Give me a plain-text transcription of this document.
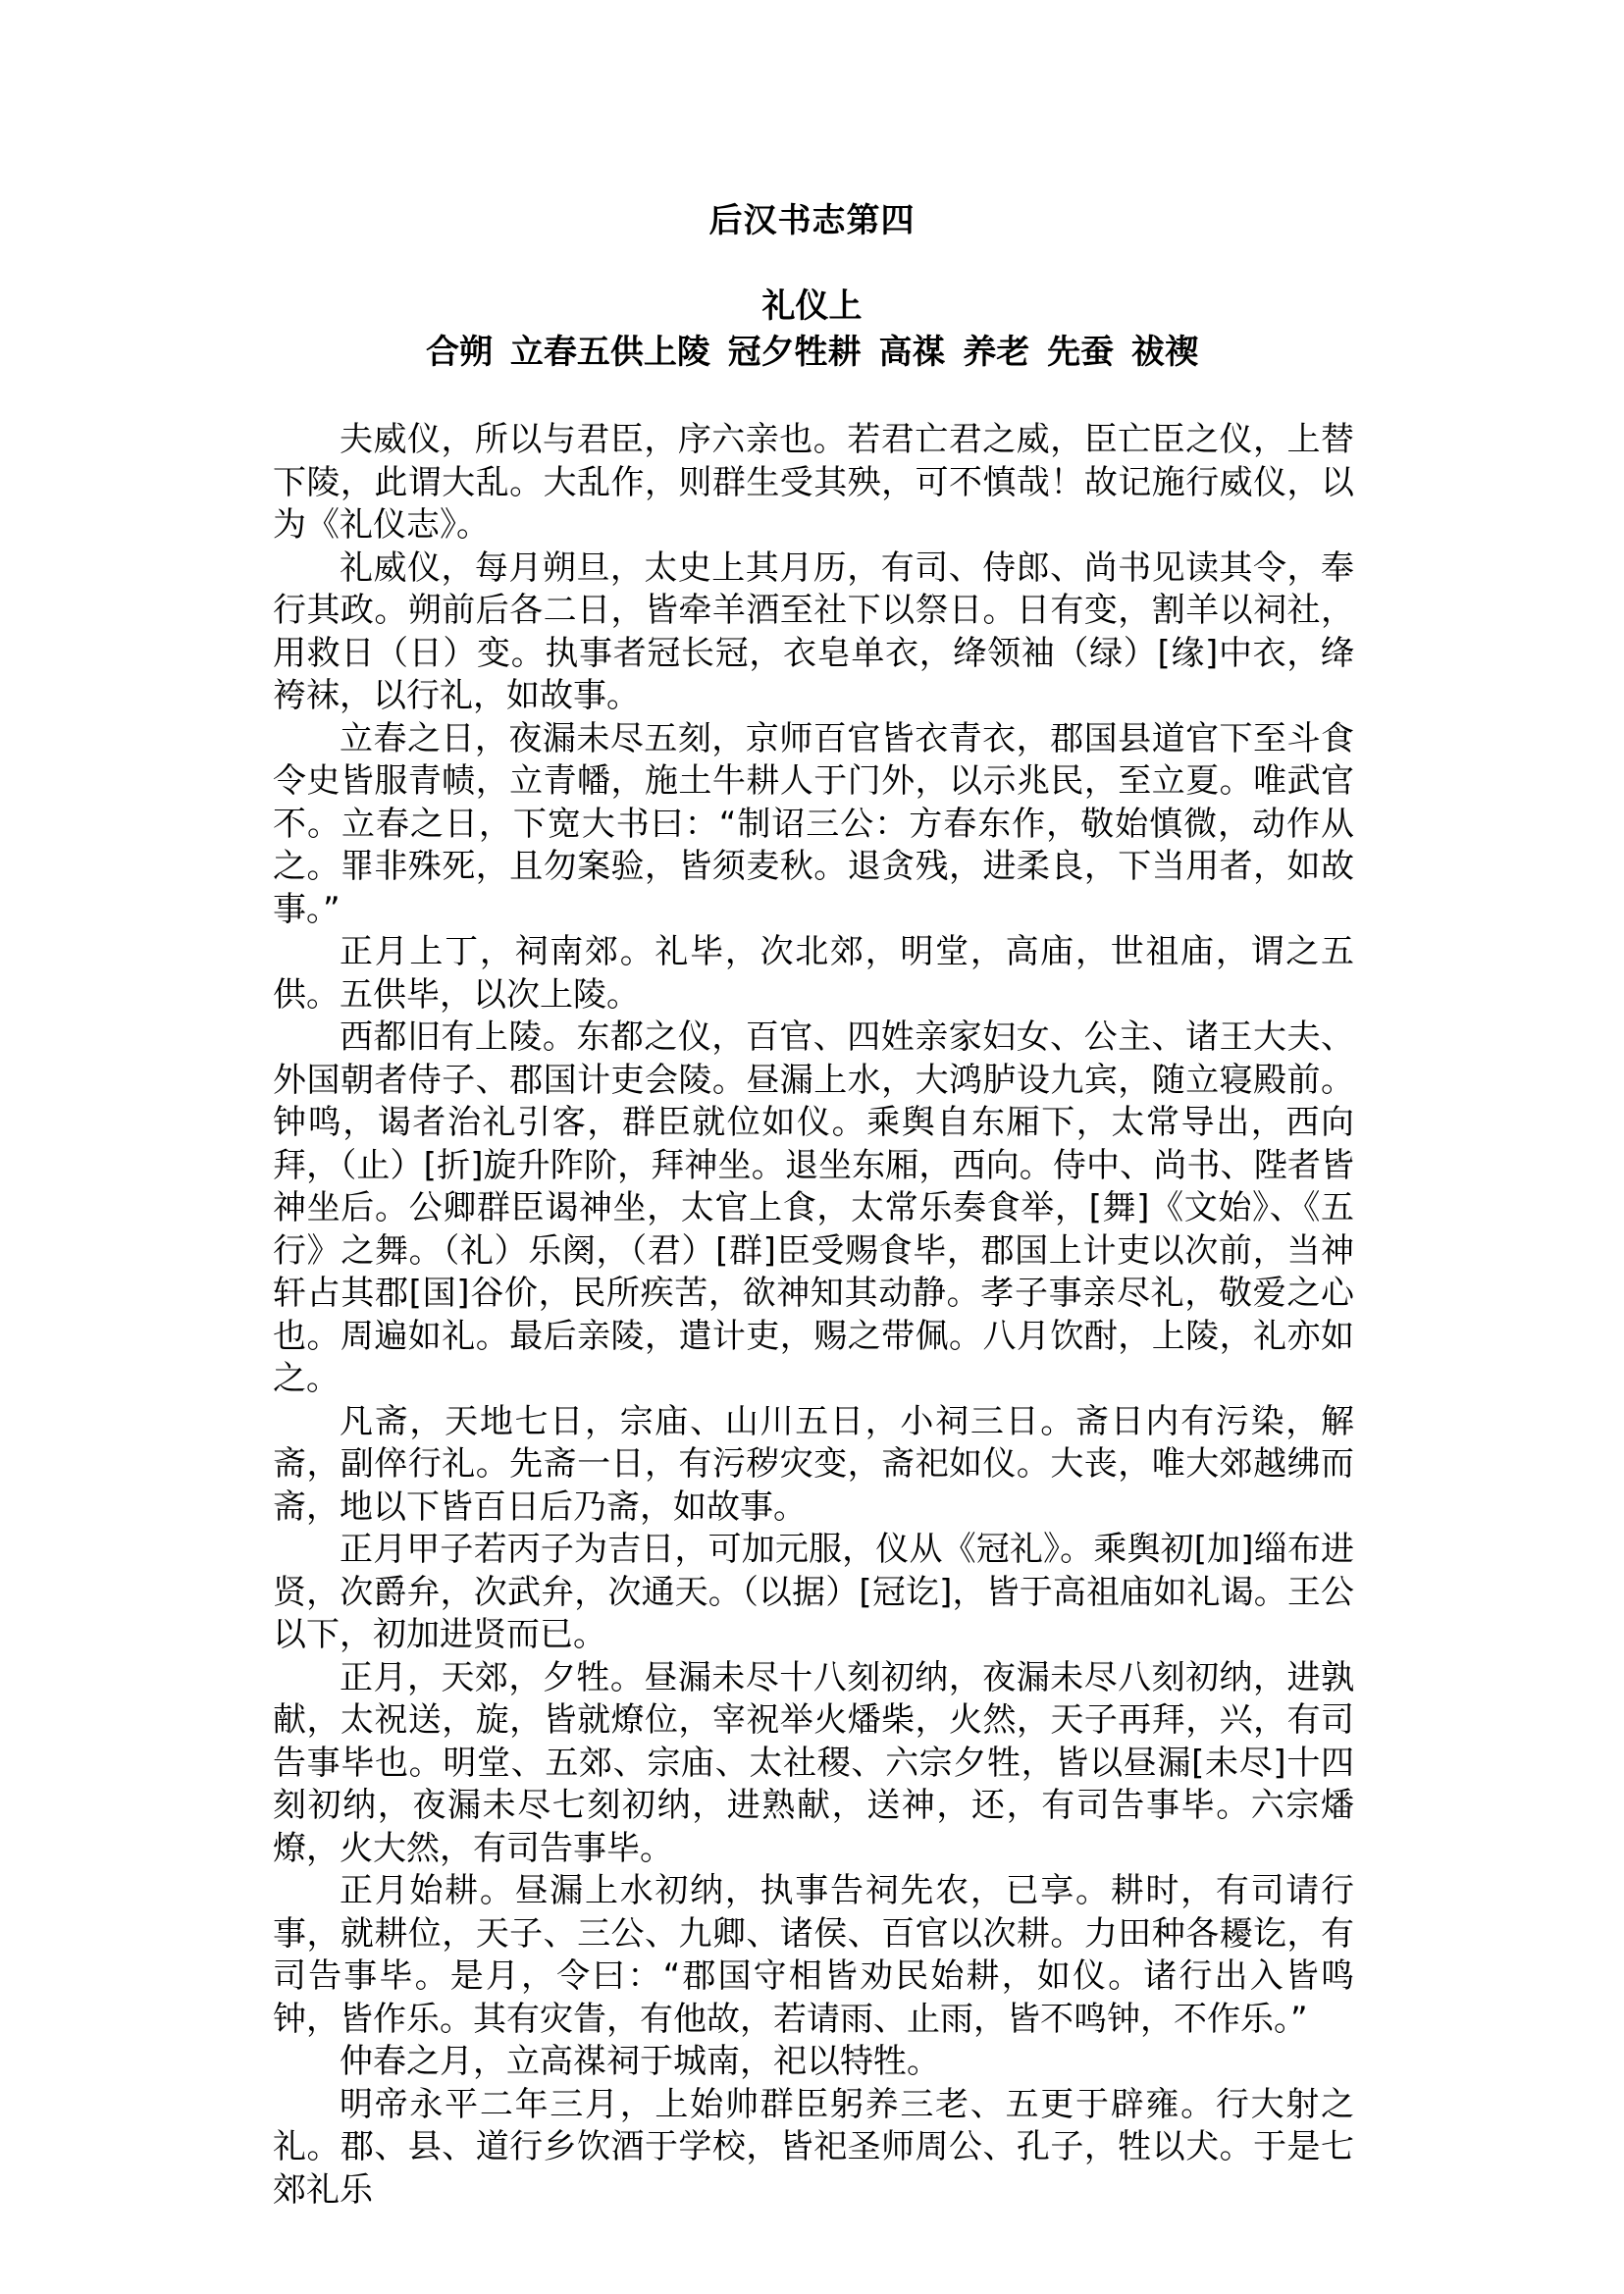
后汉书志第四
礼仪上
合朔 立春五供上陵 冠夕牲耕 高禖 养老 先蚕 祓禊

夫威仪，所以与君臣，序六亲也。若君亡君之威，臣亡臣之仪，上替下陵，此谓大乱。大乱作，则群生受其殃，可不慎哉！故记施行威仪，以为《礼仪志》。

礼威仪，每月朔旦，太史上其月历，有司、侍郎、尚书见读其令，奉行其政。朔前后各二日，皆牵羊酒至社下以祭日。日有变，割羊以祠社，用救日（日）变。执事者冠长冠，衣皂单衣，绛领袖（绿）[缘]中衣，绛袴袜，以行礼，如故事。

立春之日，夜漏未尽五刻，京师百官皆衣青衣，郡国县道官下至斗食令史皆服青帻，立青幡，施土牛耕人于门外，以示兆民，至立夏。唯武官不。立春之日，下宽大书曰：“制诏三公：方春东作，敬始慎微，动作从之。罪非殊死，且勿案验，皆须麦秋。退贪残，进柔良，下当用者，如故事。”

正月上丁，祠南郊。礼毕，次北郊，明堂，高庙，世祖庙，谓之五供。五供毕，以次上陵。

西都旧有上陵。东都之仪，百官、四姓亲家妇女、公主、诸王大夫、外国朝者侍子、郡国计吏会陵。昼漏上水，大鸿胪设九宾，随立寝殿前。钟鸣，谒者治礼引客，群臣就位如仪。乘舆自东厢下，太常导出，西向拜，（止）[折]旋升阼阶，拜神坐。退坐东厢，西向。侍中、尚书、陛者皆神坐后。公卿群臣谒神坐，太官上食，太常乐奏食举，[舞]《文始》、《五行》之舞。（礼）乐阕，（君）[群]臣受赐食毕，郡国上计吏以次前，当神轩占其郡[国]谷价，民所疾苦，欲神知其动静。孝子事亲尽礼，敬爱之心也。周遍如礼。最后亲陵，遣计吏，赐之带佩。八月饮酎，上陵，礼亦如之。

凡斋，天地七日，宗庙、山川五日，小祠三日。斋日内有污染，解斋，副倅行礼。先斋一日，有污秽灾变，斋祀如仪。大丧，唯大郊越绋而斋，地以下皆百日后乃斋，如故事。

正月甲子若丙子为吉日，可加元服，仪从《冠礼》。乘舆初[加]缁布进贤，次爵弁，次武弁，次通天。（以据）[冠讫]，皆于高祖庙如礼谒。王公以下，初加进贤而已。

正月，天郊，夕牲。昼漏未尽十八刻初纳，夜漏未尽八刻初纳，进孰献，太祝送，旋，皆就燎位，宰祝举火燔柴，火然，天子再拜，兴，有司告事毕也。明堂、五郊、宗庙、太社稷、六宗夕牲，皆以昼漏[未尽]十四刻初纳，夜漏未尽七刻初纳，进熟献，送神，还，有司告事毕。六宗燔燎，火大然，有司告事毕。

正月始耕。昼漏上水初纳，执事告祠先农，已享。耕时，有司请行事，就耕位，天子、三公、九卿、诸侯、百官以次耕。力田种各耰讫，有司告事毕。是月，令曰：“郡国守相皆劝民始耕，如仪。诸行出入皆鸣钟，皆作乐。其有灾眚，有他故，若请雨、止雨，皆不鸣钟，不作乐。”

仲春之月，立高禖祠于城南，祀以特牲。

明帝永平二年三月，上始帅群臣躬养三老、五更于辟雍。行大射之礼。郡、县、道行乡饮酒于学校，皆祀圣师周公、孔子，牲以犬。于是七郊礼乐
